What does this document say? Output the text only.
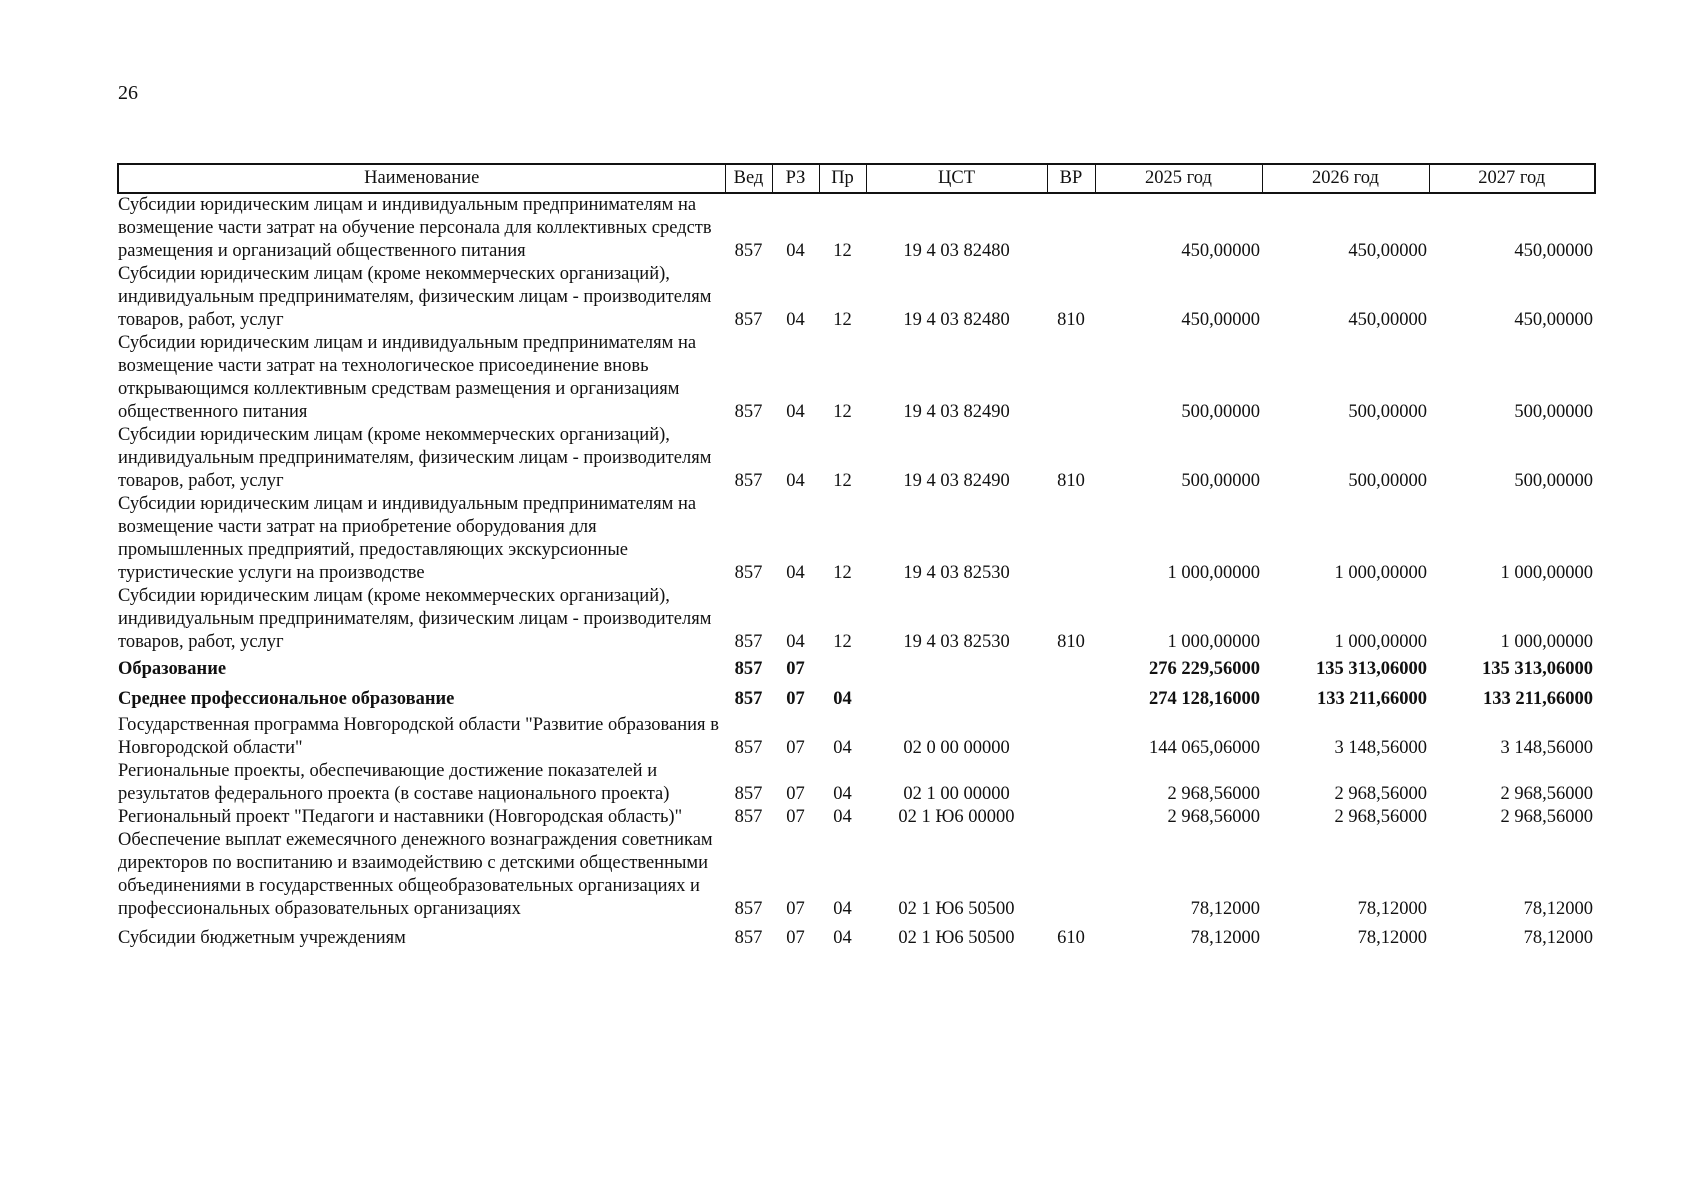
26
Наименование	Вед	РЗ	Пр	ЦСТ	ВР	2025 год	2026 год	2027 год
Субсидии юридическим лицам и индивидуальным предпринимателям на возмещение части затрат на обучение персонала для коллективных средств размещения и организаций общественного питания	857	04	12	19 4 03 82480		450,00000	450,00000	450,00000
Субсидии юридическим лицам (кроме некоммерческих организаций), индивидуальным предпринимателям, физическим лицам - производителям товаров, работ, услуг	857	04	12	19 4 03 82480	810	450,00000	450,00000	450,00000
Субсидии юридическим лицам и индивидуальным предпринимателям на возмещение части затрат на технологическое присоединение вновь открывающимся коллективным средствам размещения и организациям общественного питания	857	04	12	19 4 03 82490		500,00000	500,00000	500,00000
Субсидии юридическим лицам (кроме некоммерческих организаций), индивидуальным предпринимателям, физическим лицам - производителям товаров, работ, услуг	857	04	12	19 4 03 82490	810	500,00000	500,00000	500,00000
Субсидии юридическим лицам и индивидуальным предпринимателям на возмещение части затрат на приобретение оборудования для промышленных предприятий, предоставляющих экскурсионные туристические услуги на производстве	857	04	12	19 4 03 82530		1 000,00000	1 000,00000	1 000,00000
Субсидии юридическим лицам (кроме некоммерческих организаций), индивидуальным предпринимателям, физическим лицам - производителям товаров, работ, услуг	857	04	12	19 4 03 82530	810	1 000,00000	1 000,00000	1 000,00000
Образование	857	07				276 229,56000	135 313,06000	135 313,06000
Среднее профессиональное образование	857	07	04			274 128,16000	133 211,66000	133 211,66000
Государственная программа Новгородской области "Развитие образования в Новгородской области"	857	07	04	02 0 00 00000		144 065,06000	3 148,56000	3 148,56000
Региональные проекты, обеспечивающие достижение показателей и результатов федерального проекта (в составе национального проекта)	857	07	04	02 1 00 00000		2 968,56000	2 968,56000	2 968,56000
Региональный проект "Педагоги и наставники (Новгородская область)"	857	07	04	02 1 Ю6 00000		2 968,56000	2 968,56000	2 968,56000
Обеспечение выплат ежемесячного денежного вознаграждения советникам директоров по воспитанию и взаимодействию с детскими общественными объединениями в государственных общеобразовательных организациях и профессиональных образовательных организациях	857	07	04	02 1 Ю6 50500		78,12000	78,12000	78,12000
Субсидии бюджетным учреждениям	857	07	04	02 1 Ю6 50500	610	78,12000	78,12000	78,12000
